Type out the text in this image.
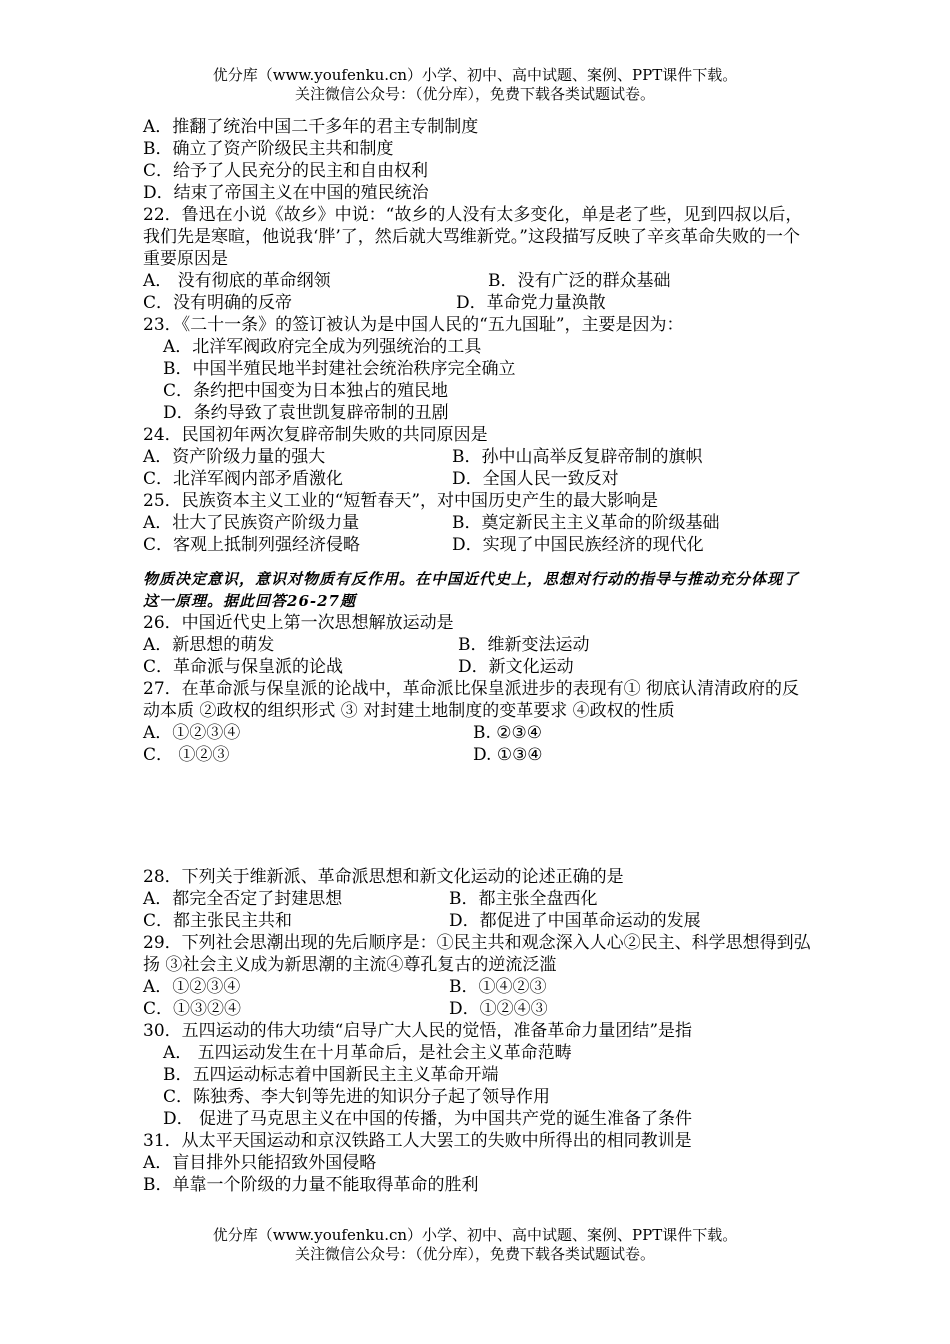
优分库（www.youfenku.cn）小学、初中、高中试题、案例、PPT课件下载。
关注微信公众号：（优分库），免费下载各类试题试卷。
A．推翻了统治中国二千多年的君主专制制度
B．确立了资产阶级民主共和制度
C．给予了人民充分的民主和自由权利
D．结束了帝国主义在中国的殖民统治
22．鲁迅在小说《故乡》中说：“故乡的人没有太多变化，单是老了些，见到四叔以后，我们先是寒暄，他说我‘胖’了，然后就大骂维新党。”这段描写反映了辛亥革命失败的一个重要原因是
A． 没有彻底的革命纲领	B．没有广泛的群众基础
C．没有明确的反帝	D．革命党力量涣散
23．《二十一条》的签订被认为是中国人民的“五九国耻”，主要是因为：
A．北洋军阀政府完全成为列强统治的工具
B．中国半殖民地半封建社会统治秩序完全确立
C．条约把中国变为日本独占的殖民地
D．条约导致了袁世凯复辟帝制的丑剧
24．民国初年两次复辟帝制失败的共同原因是
A．资产阶级力量的强大	B．孙中山高举反复辟帝制的旗帜
C．北洋军阀内部矛盾激化	D．全国人民一致反对
25．民族资本主义工业的“短暂春天”，对中国历史产生的最大影响是
A．壮大了民族资产阶级力量	B．奠定新民主主义革命的阶级基础
C．客观上抵制列强经济侵略	D．实现了中国民族经济的现代化
物质决定意识，意识对物质有反作用。在中国近代史上，思想对行动的指导与推动充分体现了这一原理。据此回答26-27题
26．中国近代史上第一次思想解放运动是
A．新思想的萌发	B．维新变法运动
C．革命派与保皇派的论战	D．新文化运动
27．在革命派与保皇派的论战中，革命派比保皇派进步的表现有① 彻底认清清政府的反动本质 ②政权的组织形式 ③ 对封建土地制度的变革要求 ④政权的性质
A．①②③④	B. ②③④
C． ①②③	D. ①③④
28．下列关于维新派、革命派思想和新文化运动的论述正确的是
A．都完全否定了封建思想	B．都主张全盘西化
C．都主张民主共和	D．都促进了中国革命运动的发展
29．下列社会思潮出现的先后顺序是：①民主共和观念深入人心②民主、科学思想得到弘扬 ③社会主义成为新思潮的主流④尊孔复古的逆流泛滥
A．①②③④	B．①④②③
C．①③②④	D．①②④③
30．五四运动的伟大功绩“启导广大人民的觉悟，准备革命力量团结”是指
A． 五四运动发生在十月革命后，是社会主义革命范畴
B．五四运动标志着中国新民主主义革命开端
C．陈独秀、李大钊等先进的知识分子起了领导作用
D． 促进了马克思主义在中国的传播，为中国共产党的诞生准备了条件
31．从太平天国运动和京汉铁路工人大罢工的失败中所得出的相同教训是
A．盲目排外只能招致外国侵略
B．单靠一个阶级的力量不能取得革命的胜利
优分库（www.youfenku.cn）小学、初中、高中试题、案例、PPT课件下载。
关注微信公众号：（优分库），免费下载各类试题试卷。
